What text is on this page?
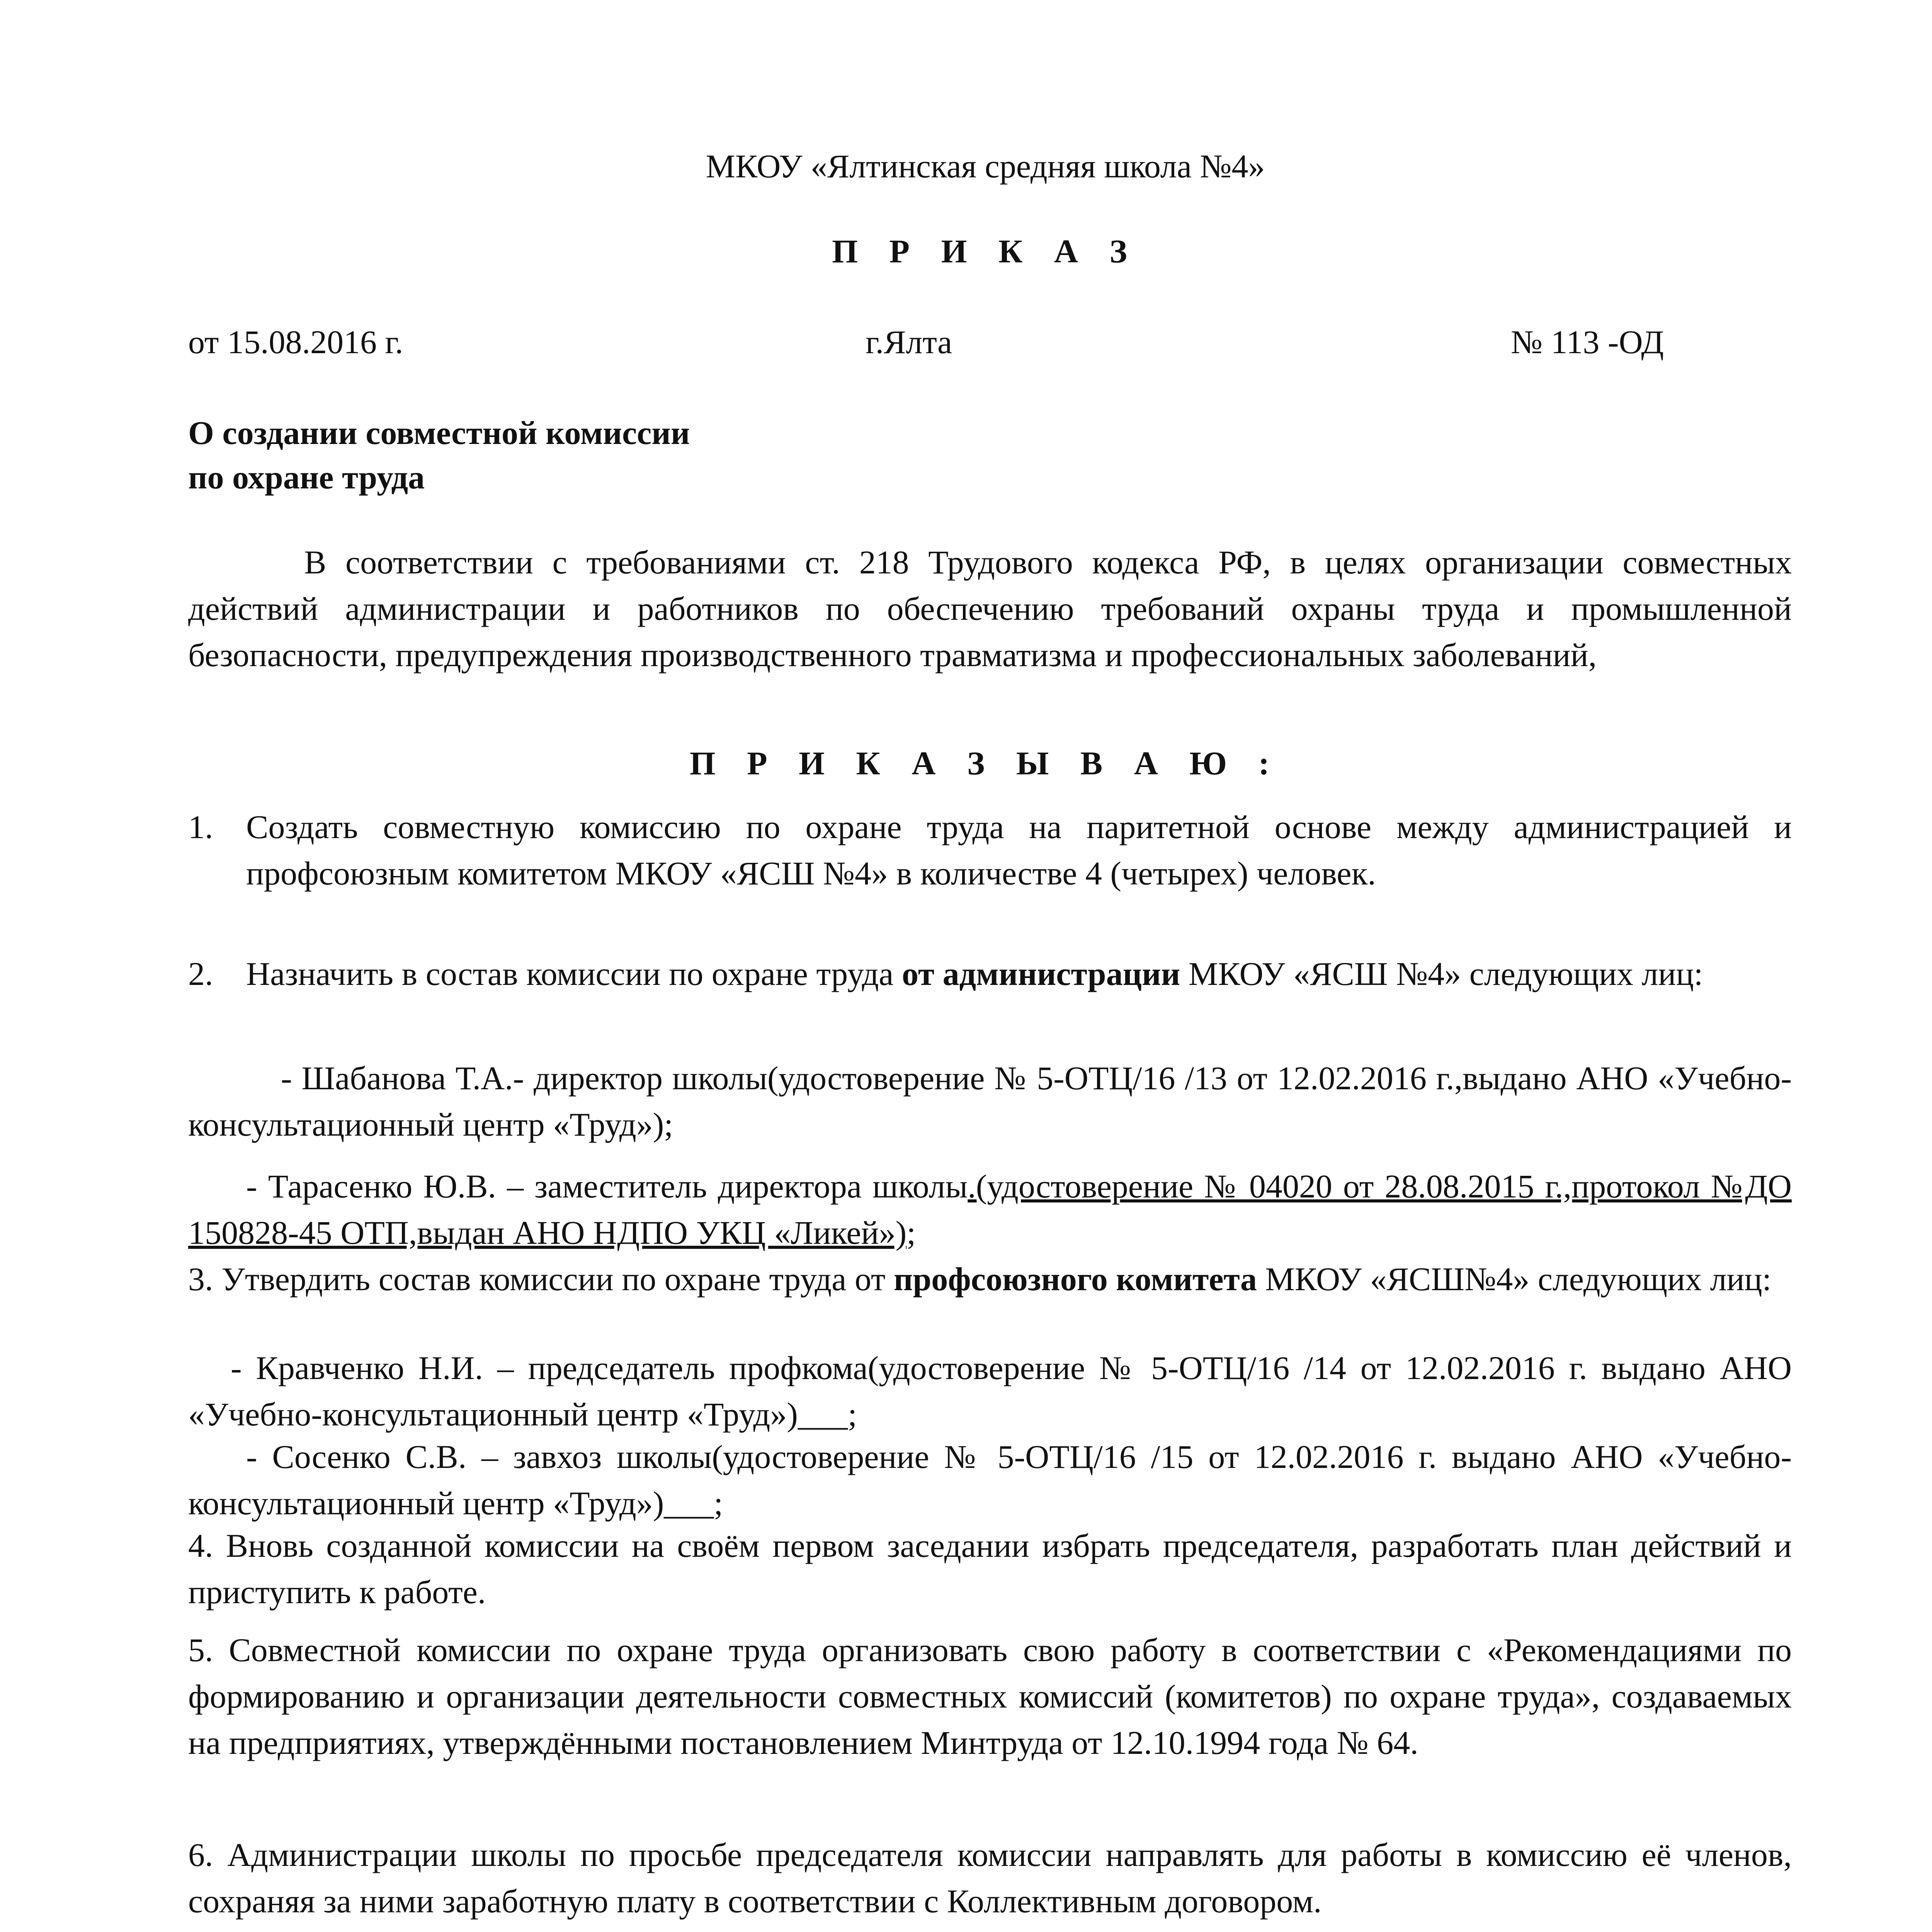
МКОУ «Ялтинская средняя школа №4»
П Р И К А З
от 15.08.2016 г.	г.Ялта	№ 113 -ОД
О создании совместной комиссии
по охране труда
В соответствии с требованиями ст. 218 Трудового кодекса РФ, в целях организации совместных действий администрации и работников по обеспечению требований охраны труда и промышленной безопасности, предупреждения производственного травматизма и профессиональных заболеваний,
П Р И К А З Ы В А Ю :
1. Создать совместную комиссию по охране труда на паритетной основе между администрацией и профсоюзным комитетом МКОУ «ЯСШ №4» в количестве 4 (четырех) человек.
2. Назначить в состав комиссии по охране труда от администрации МКОУ «ЯСШ №4» следующих лиц:
- Шабанова Т.А.- директор школы(удостоверение № 5-ОТЦ/16 /13 от 12.02.2016 г.,выдано АНО «Учебно-консультационный центр «Труд»);
- Тарасенко Ю.В. – заместитель директора школы.(удостоверение № 04020 от 28.08.2015 г.,протокол №ДО 150828-45 ОТП,выдан АНО НДПО УКЦ «Ликей»);
3. Утвердить состав комиссии по охране труда от профсоюзного комитета МКОУ «ЯСШ№4» следующих лиц:
- Кравченко Н.И. – председатель профкома(удостоверение № 5-ОТЦ/16 /14 от 12.02.2016 г. выдано АНО «Учебно-консультационный центр «Труд»)___;
- Сосенко С.В. – завхоз школы(удостоверение № 5-ОТЦ/16 /15 от 12.02.2016 г. выдано АНО «Учебно-консультационный центр «Труд»)___;
4. Вновь созданной комиссии на своём первом заседании избрать председателя, разработать план действий и приступить к работе.
5. Совместной комиссии по охране труда организовать свою работу в соответствии с «Рекомендациями по формированию и организации деятельности совместных комиссий (комитетов) по охране труда», создаваемых на предприятиях, утверждёнными постановлением Минтруда от 12.10.1994 года № 64.
6. Администрации школы по просьбе председателя комиссии направлять для работы в комиссию её членов, сохраняя за ними заработную плату в соответствии с Коллективным договором.
